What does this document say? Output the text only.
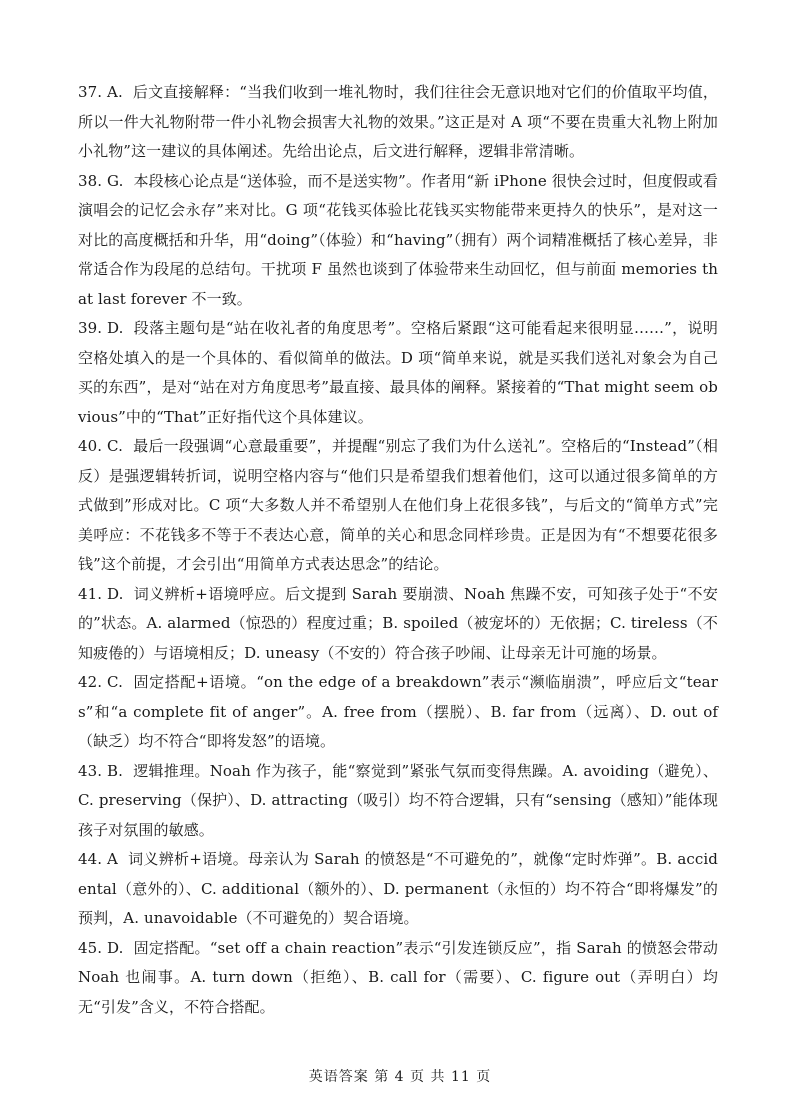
37. A. 后文直接解释：“当我们收到一堆礼物时，我们往往会无意识地对它们的价值取平均值，所以一件大礼物附带一件小礼物会损害大礼物的效果。”这正是对 A 项“不要在贵重大礼物上附加小礼物”这一建议的具体阐述。先给出论点，后文进行解释，逻辑非常清晰。

38. G. 本段核心论点是“送体验，而不是送实物”。作者用“新 iPhone 很快会过时，但度假或看演唱会的记忆会永存”来对比。G 项“花钱买体验比花钱买实物能带来更持久的快乐”，是对这一对比的高度概括和升华，用“doing”（体验）和“having”（拥有）两个词精准概括了核心差异，非常适合作为段尾的总结句。干扰项 F 虽然也谈到了体验带来生动回忆，但与前面 memories that last forever 不一致。

39. D. 段落主题句是“站在收礼者的角度思考”。空格后紧跟“这可能看起来很明显……”，说明空格处填入的是一个具体的、看似简单的做法。D 项“简单来说，就是买我们送礼对象会为自己买的东西”，是对“站在对方角度思考”最直接、最具体的阐释。紧接着的“That might seem obvious”中的“That”正好指代这个具体建议。

40. C. 最后一段强调“心意最重要”，并提醒“别忘了我们为什么送礼”。空格后的“Instead”（相反）是强逻辑转折词，说明空格内容与“他们只是希望我们想着他们，这可以通过很多简单的方式做到”形成对比。C 项“大多数人并不希望别人在他们身上花很多钱”，与后文的“简单方式”完美呼应：不花钱多不等于不表达心意，简单的关心和思念同样珍贵。正是因为有“不想要花很多钱”这个前提，才会引出“用简单方式表达思念”的结论。

41. D. 词义辨析+语境呼应。后文提到 Sarah 要崩溃、Noah 焦躁不安，可知孩子处于“不安的”状态。A. alarmed（惊恐的）程度过重；B. spoiled（被宠坏的）无依据；C. tireless（不知疲倦的）与语境相反；D. uneasy（不安的）符合孩子吵闹、让母亲无计可施的场景。

42. C. 固定搭配+语境。“on the edge of a breakdown”表示“濒临崩溃”，呼应后文“tears”和“a complete fit of anger”。A. free from（摆脱）、B. far from（远离）、D. out of（缺乏）均不符合“即将发怒”的语境。

43. B. 逻辑推理。Noah 作为孩子，能“察觉到”紧张气氛而变得焦躁。A. avoiding（避免）、C. preserving（保护）、D. attracting（吸引）均不符合逻辑，只有“sensing（感知）”能体现孩子对氛围的敏感。

44. A 词义辨析+语境。母亲认为 Sarah 的愤怒是“不可避免的”，就像“定时炸弹”。B. accidental（意外的）、C. additional（额外的）、D. permanent（永恒的）均不符合“即将爆发”的预判，A. unavoidable（不可避免的）契合语境。

45. D. 固定搭配。“set off a chain reaction”表示“引发连锁反应”，指 Sarah 的愤怒会带动 Noah 也闹事。A. turn down（拒绝）、B. call for（需要）、C. figure out（弄明白）均无“引发”含义，不符合搭配。

英语答案 第 4 页 共 11 页
